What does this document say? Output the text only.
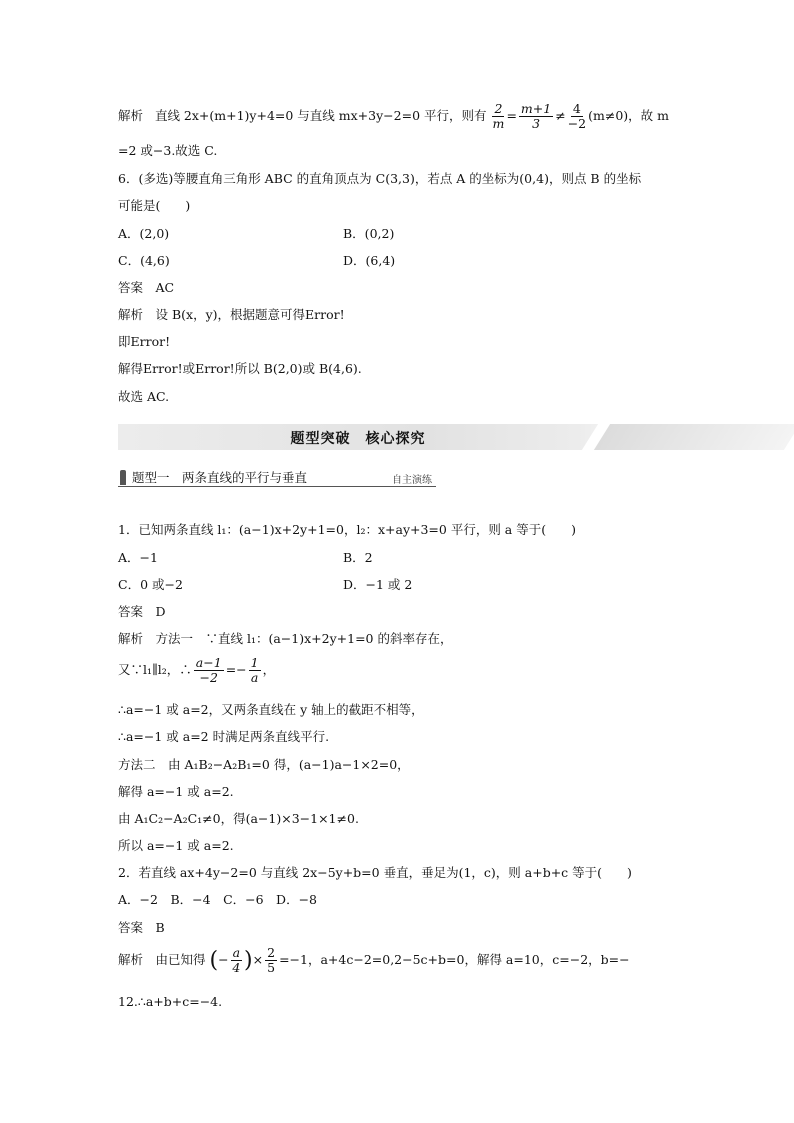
解析 直线 2x+(m+1)y+4=0 与直线 mx+3y−2=0 平行，则有 $\frac{2}{m} = \frac{m+1}{3} \ne \frac{4}{-2} (m\ne 0)$，故 m
=2 或−3.故选 C.
6．(多选)等腰直角三角形 ABC 的直角顶点为 C(3,3)，若点 A 的坐标为(0,4)，则点 B 的坐标
可能是(　　)
A．(2,0)	B．(0,2)
C．(4,6)	D．(6,4)
答案　AC
解析　设 B(x，y)，根据题意可得Error!
即Error!
解得Error!或Error!所以 B(2,0)或 B(4,6).
故选 AC.
题型突破　核心探究
题型一　两条直线的平行与垂直	自主演练
1．已知两条直线 l₁：(a−1)x+2y+1=0，l₂：x+ay+3=0 平行，则 a 等于(　　)
A．−1	B．2
C．0 或−2	D．−1 或 2
答案　D
解析　方法一　∵直线 l₁：(a−1)x+2y+1=0 的斜率存在，
又∵l₁∥l₂，∴ $\frac{a-1}{-2} =- \frac{1}{a}$ ，
∴a=−1 或 a=2，又两条直线在 y 轴上的截距不相等，
∴a=−1 或 a=2 时满足两条直线平行.
方法二　由 A₁B₂−A₂B₁=0 得，(a−1)a−1×2=0，
解得 a=−1 或 a=2.
由 A₁C₂−A₂C₁≠0，得(a−1)×3−1×1≠0.
所以 a=−1 或 a=2.
2．若直线 ax+4y−2=0 与直线 2x−5y+b=0 垂直，垂足为(1，c)，则 a+b+c 等于(　　)
A．−2　B．−4　C．−6　D．−8
答案　B
解析　由已知得 (− $\frac{a}{4}$ )× $\frac{2}{5} =-1$，a+4c−2=0,2−5c+b=0，解得 a=10，c=−2，b=−
12.∴a+b+c=−4.
